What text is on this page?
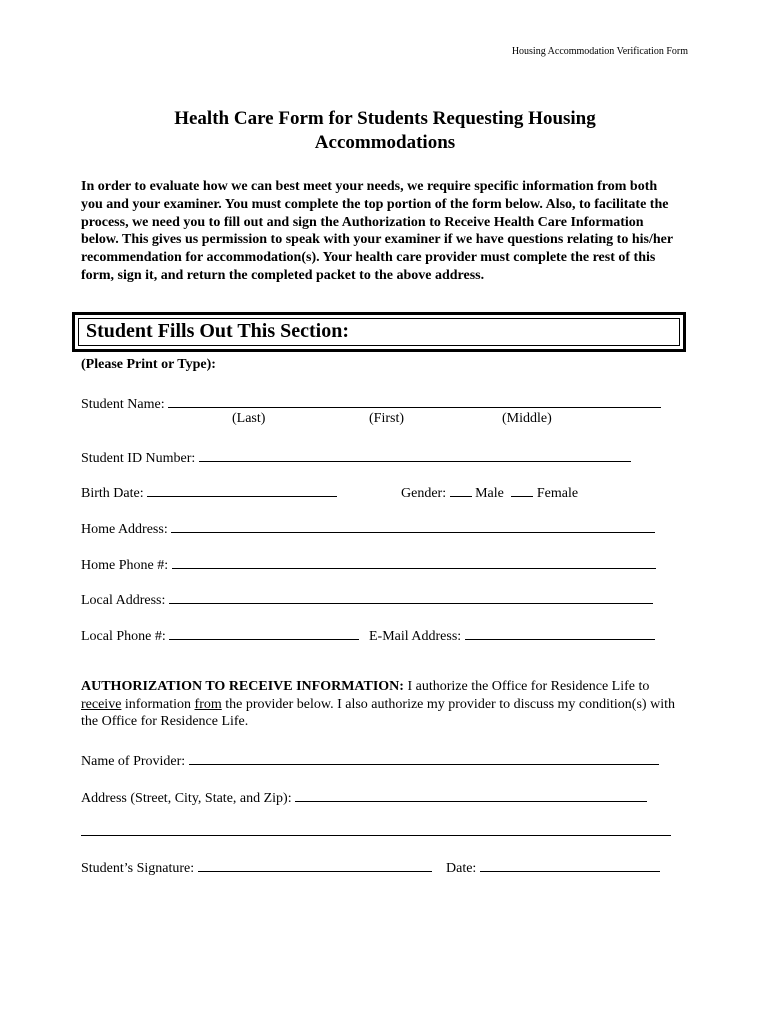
Housing Accommodation Verification Form
Health Care Form for Students Requesting Housing
Accommodations
In order to evaluate how we can best meet your needs, we require specific information from both you and your examiner. You must complete the top portion of the form below. Also, to facilitate the process, we need you to fill out and sign the Authorization to Receive Health Care Information below. This gives us permission to speak with your examiner if we have questions relating to his/her recommendation for accommodation(s). Your health care provider must complete the rest of this form, sign it, and return the completed packet to the above address.
Student Fills Out This Section:
(Please Print or Type):
Student Name:
(Last)	(First)	(Middle)
Student ID Number:
Birth Date:	Gender: Male Female
Home Address:
Home Phone #:
Local Address:
Local Phone #:	E-Mail Address:
AUTHORIZATION TO RECEIVE INFORMATION: I authorize the Office for Residence Life to receive information from the provider below. I also authorize my provider to discuss my condition(s) with the Office for Residence Life.
Name of Provider:
Address (Street, City, State, and Zip):
Student’s Signature:	Date:
